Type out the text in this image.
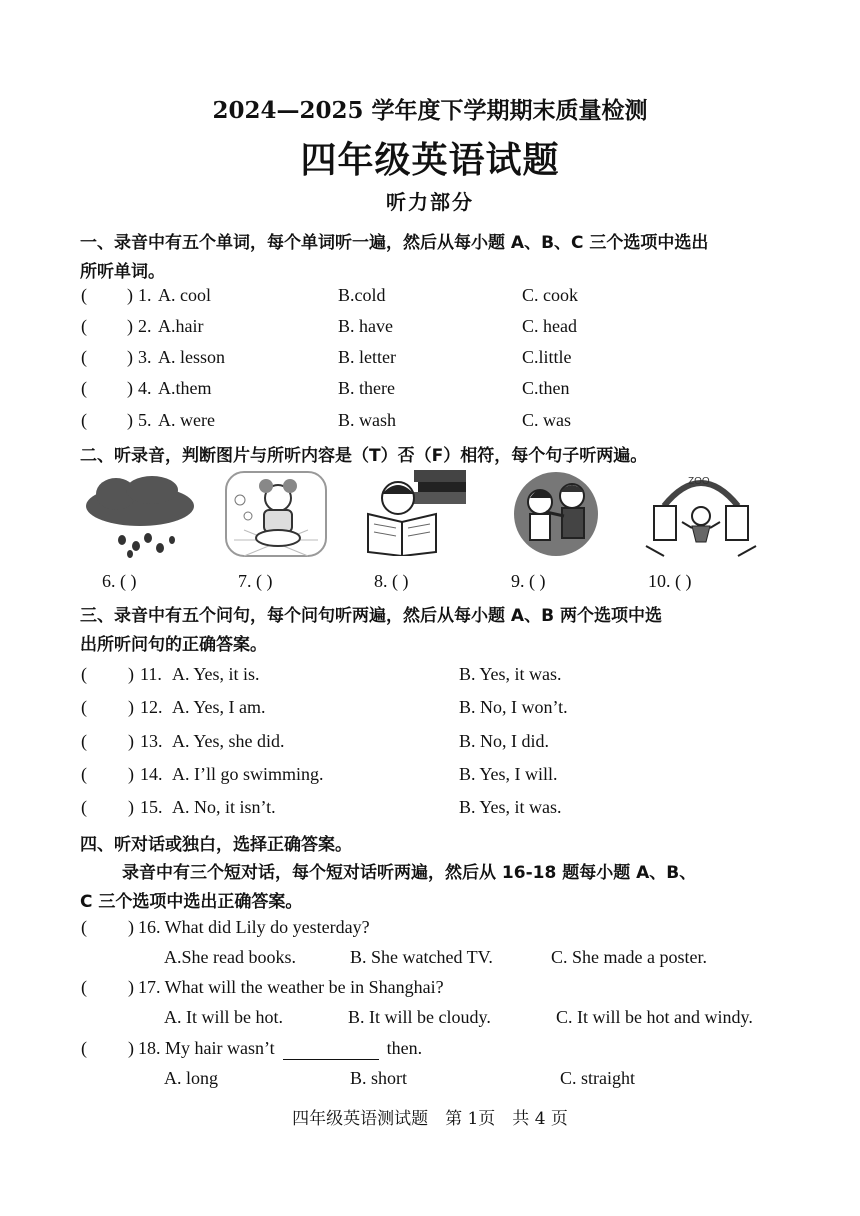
2024—2025 学年度下学期期末质量检测
四年级英语试题
听力部分
一、录音中有五个单词，每个单词听一遍，然后从每小题 A、B、C 三个选项中选出
所听单词。
( ) 1. A. cool	B.cold	C. cook
( ) 2. A.hair	B. have	C. head
( ) 3. A. lesson	B. letter	C.little
( ) 4. A.them	B. there	C.then
( ) 5. A. were	B. wash	C. was
二、听录音，判断图片与所听内容是（T）否（F）相符，每个句子听两遍。
ZOO
6. ( )	7. ( )	8. ( )	9. ( )	10. ( )
三、录音中有五个问句，每个问句听两遍，然后从每小题 A、B 两个选项中选
出所听问句的正确答案。
( ) 11. A. Yes, it is.	B. Yes, it was.
( ) 12. A. Yes, I am.	B. No, I won’t.
( ) 13. A. Yes, she did.	B. No, I did.
( ) 14. A. I’ll go swimming.	B. Yes, I will.
( ) 15. A. No, it isn’t.	B. Yes, it was.
四、听对话或独白，选择正确答案。
录音中有三个短对话，每个短对话听两遍，然后从 16-18 题每小题 A、B、
C 三个选项中选出正确答案。
( ) 16. What did Lily do yesterday?
A.She read books.	B. She watched TV.	C. She made a poster.
( ) 17. What will the weather be in Shanghai?
A. It will be hot.	B. It will be cloudy.	C. It will be hot and windy.
( ) 18. My hair wasn’t	then.
A. long	B. short	C. straight
四年级英语测试题　第 1页　共 4 页
